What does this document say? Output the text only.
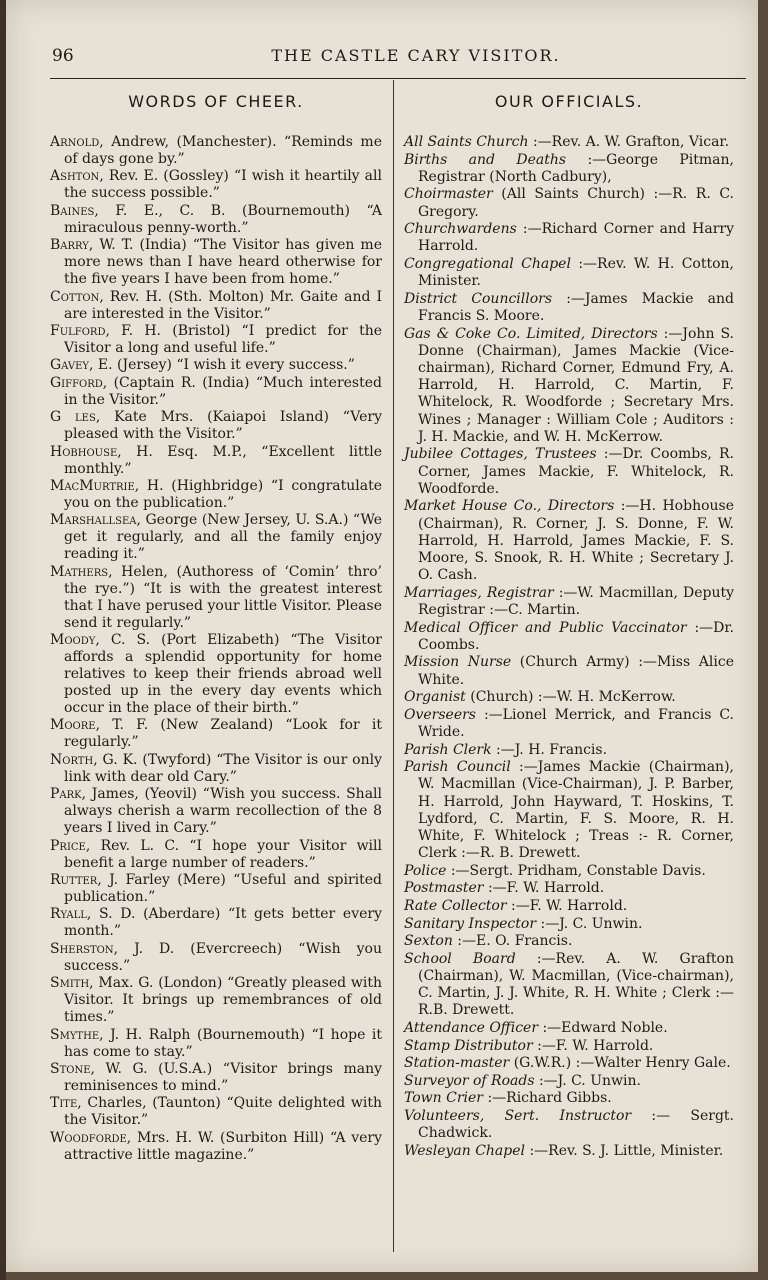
96	THE CASTLE CARY VISITOR.
WORDS OF CHEER.
Arnold, Andrew, (Manchester). “Reminds me of days gone by.”
Ashton, Rev. E. (Gossley) “I wish it heartily all the success possible.”
Baines, F. E., C. B. (Bournemouth) “A miraculous penny-worth.”
Barry, W. T. (India) “The Visitor has given me more news than I have heard otherwise for the five years I have been from home.”
Cotton, Rev. H. (Sth. Molton) Mr. Gaite and I are interested in the Visitor.”
Fulford, F. H. (Bristol) “I predict for the Visitor a long and useful life.”
Gavey, E. (Jersey) “I wish it every success.”
Gifford, (Captain R. (India) “Much interested in the Visitor.”
G les, Kate Mrs. (Kaiapoi Island) “Very pleased with the Visitor.”
Hobhouse, H. Esq. M.P., “Excellent little monthly.”
MacMurtrie, H. (Highbridge) “I congratulate you on the publication.”
Marshallsea, George (New Jersey, U. S.A.) “We get it regularly, and all the family enjoy reading it.”
Mathers, Helen, (Authoress of ‘Comin’ thro’ the rye.”) “It is with the greatest interest that I have perused your little Visitor. Please send it regularly.”
Moody, C. S. (Port Elizabeth) “The Visitor affords a splendid opportunity for home relatives to keep their friends abroad well posted up in the every day events which occur in the place of their birth.”
Moore, T. F. (New Zealand) “Look for it regularly.”
North, G. K. (Twyford) “The Visitor is our only link with dear old Cary.”
Park, James, (Yeovil) “Wish you success. Shall always cherish a warm recollection of the 8 years I lived in Cary.”
Price, Rev. L. C. “I hope your Visitor will benefit a large number of readers.”
Rutter, J. Farley (Mere) “Useful and spirited publication.”
Ryall, S. D. (Aberdare) “It gets better every month.”
Sherston, J. D. (Evercreech) “Wish you success.”
Smith, Max. G. (London) “Greatly pleased with Visitor. It brings up remembrances of old times.”
Smythe, J. H. Ralph (Bournemouth) “I hope it has come to stay.”
Stone, W. G. (U.S.A.) “Visitor brings many reminisences to mind.”
Tite, Charles, (Taunton) “Quite delighted with the Visitor.”
Woodforde, Mrs. H. W. (Surbiton Hill) “A very attractive little magazine.”
OUR OFFICIALS.
All Saints Church :—Rev. A. W. Grafton, Vicar.
Births and Deaths :—George Pitman, Registrar (North Cadbury),
Choirmaster (All Saints Church) :—R. R. C. Gregory.
Churchwardens :—Richard Corner and Harry Harrold.
Congregational Chapel :—Rev. W. H. Cotton, Minister.
District Councillors :—James Mackie and Francis S. Moore.
Gas & Coke Co. Limited, Directors :—John S. Donne (Chairman), James Mackie (Vice-chairman), Richard Corner, Edmund Fry, A. Harrold, H. Harrold, C. Martin, F. Whitelock, R. Woodforde ; Secretary Mrs. Wines ; Manager : William Cole ; Auditors : J. H. Mackie, and W. H. McKerrow.
Jubilee Cottages, Trustees :—Dr. Coombs, R. Corner, James Mackie, F. Whitelock, R. Woodforde.
Market House Co., Directors :—H. Hobhouse (Chairman), R. Corner, J. S. Donne, F. W. Harrold, H. Harrold, James Mackie, F. S. Moore, S. Snook, R. H. White ; Secretary J. O. Cash.
Marriages, Registrar :—W. Macmillan, Deputy Registrar :—C. Martin.
Medical Officer and Public Vaccinator :—Dr. Coombs.
Mission Nurse (Church Army) :—Miss Alice White.
Organist (Church) :—W. H. McKerrow.
Overseers :—Lionel Merrick, and Francis C. Wride.
Parish Clerk :—J. H. Francis.
Parish Council :—James Mackie (Chairman), W. Macmillan (Vice-Chairman), J. P. Barber, H. Harrold, John Hayward, T. Hoskins, T. Lydford, C. Martin, F. S. Moore, R. H. White, F. Whitelock ; Treas :- R. Corner, Clerk :—R. B. Drewett.
Police :—Sergt. Pridham, Constable Davis.
Postmaster :—F. W. Harrold.
Rate Collector :—F. W. Harrold.
Sanitary Inspector :—J. C. Unwin.
Sexton :—E. O. Francis.
School Board :—Rev. A. W. Grafton (Chairman), W. Macmillan, (Vice-chairman), C. Martin, J. J. White, R. H. White ; Clerk :—R.B. Drewett.
Attendance Officer :—Edward Noble.
Stamp Distributor :—F. W. Harrold.
Station-master (G.W.R.) :—Walter Henry Gale.
Surveyor of Roads :—J. C. Unwin.
Town Crier :—Richard Gibbs.
Volunteers, Sert. Instructor :— Sergt. Chadwick.
Wesleyan Chapel :—Rev. S. J. Little, Minister.
